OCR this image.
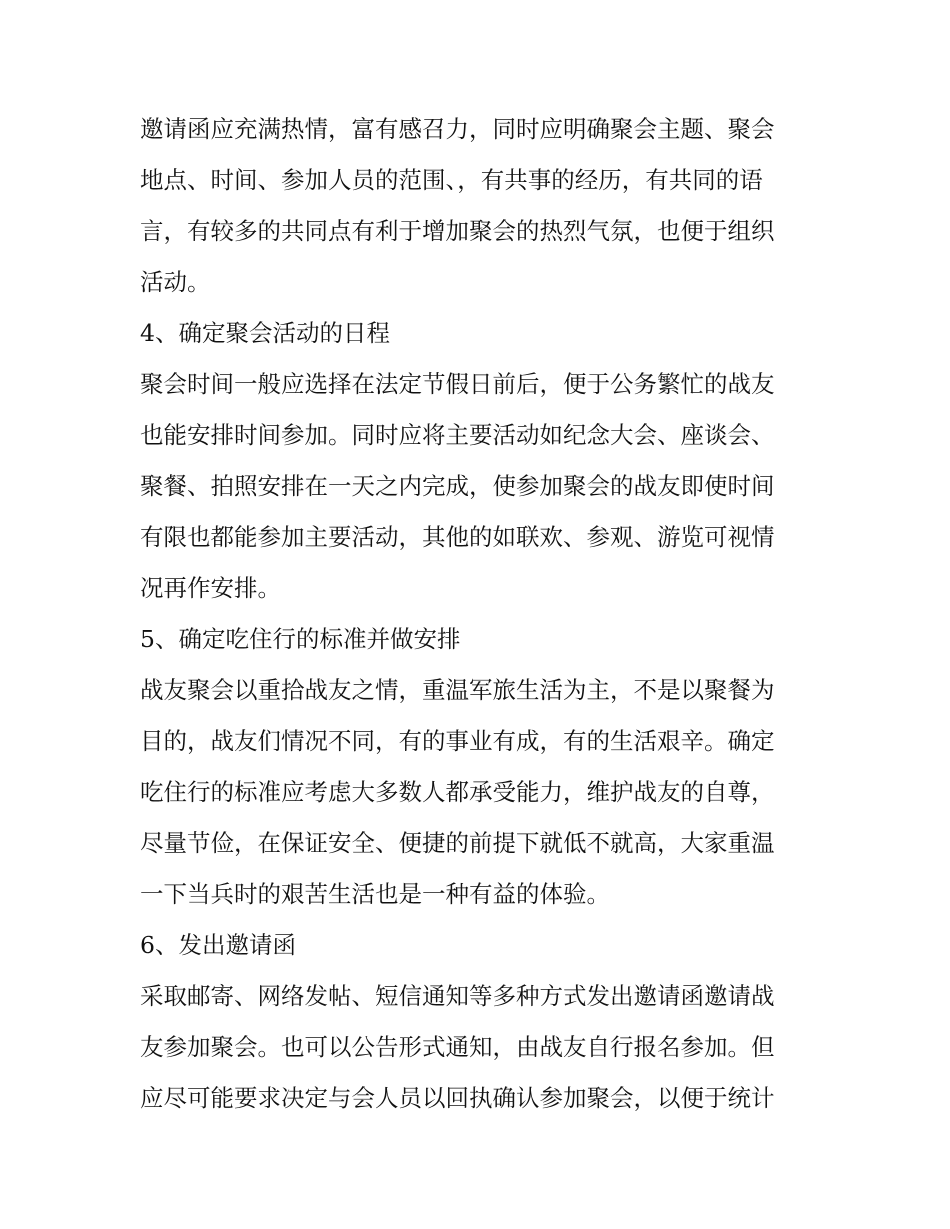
邀请函应充满热情，富有感召力，同时应明确聚会主题、聚会
地点、时间、参加人员的范围、，有共事的经历，有共同的语
言，有较多的共同点有利于增加聚会的热烈气氛，也便于组织
活动。
4、确定聚会活动的日程
聚会时间一般应选择在法定节假日前后，便于公务繁忙的战友
也能安排时间参加。同时应将主要活动如纪念大会、座谈会、
聚餐、拍照安排在一天之内完成，使参加聚会的战友即使时间
有限也都能参加主要活动，其他的如联欢、参观、游览可视情
况再作安排。
5、确定吃住行的标准并做安排
战友聚会以重拾战友之情，重温军旅生活为主，不是以聚餐为
目的，战友们情况不同，有的事业有成，有的生活艰辛。确定
吃住行的标准应考虑大多数人都承受能力，维护战友的自尊，
尽量节俭，在保证安全、便捷的前提下就低不就高，大家重温
一下当兵时的艰苦生活也是一种有益的体验。
6、发出邀请函
采取邮寄、网络发帖、短信通知等多种方式发出邀请函邀请战
友参加聚会。也可以公告形式通知，由战友自行报名参加。但
应尽可能要求决定与会人员以回执确认参加聚会，以便于统计
